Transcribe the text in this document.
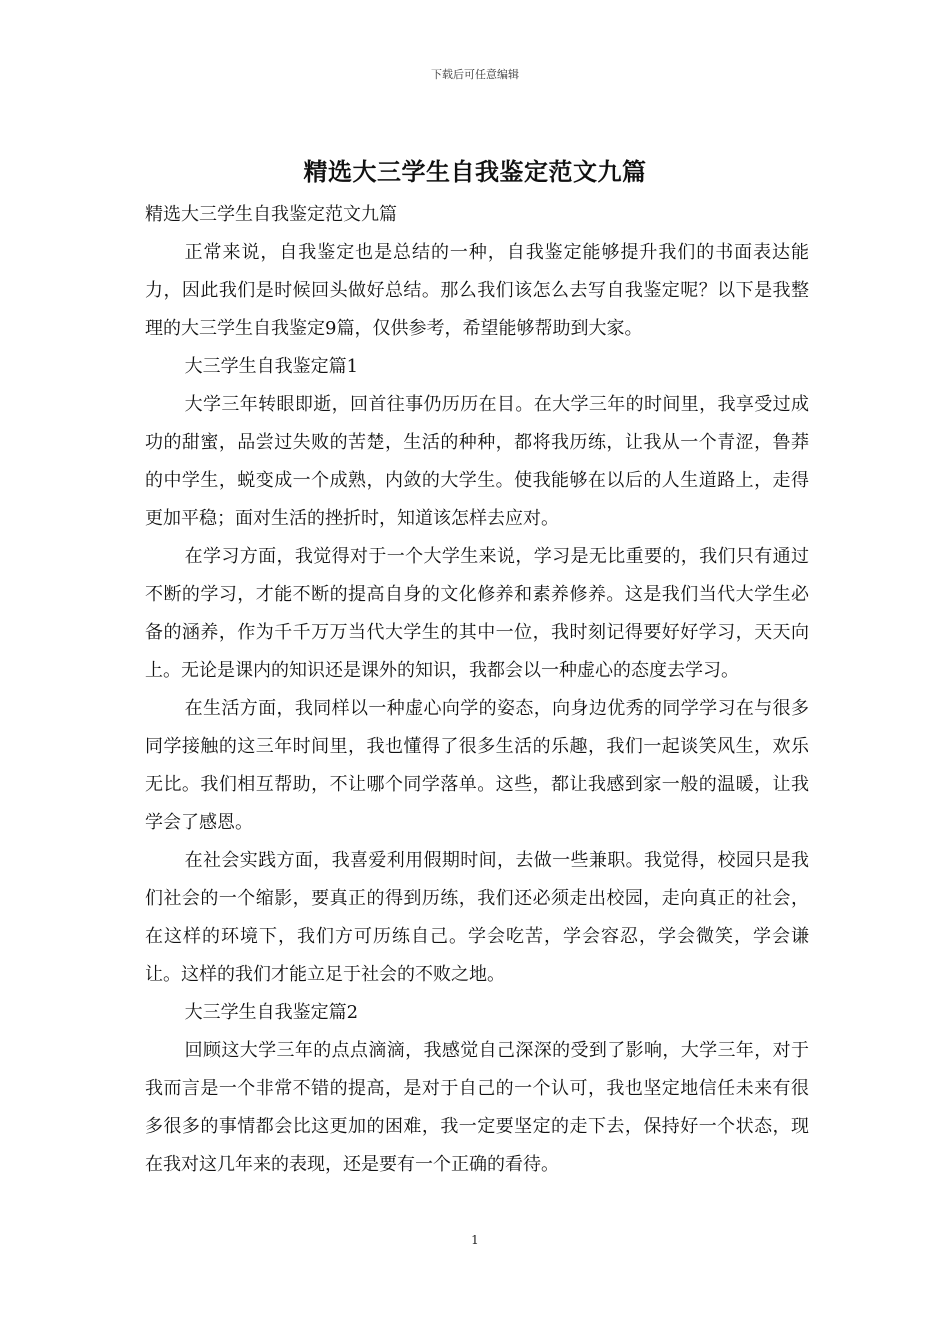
下载后可任意编辑
精选大三学生自我鉴定范文九篇

精选大三学生自我鉴定范文九篇

正常来说，自我鉴定也是总结的一种，自我鉴定能够提升我们的书面表达能力，因此我们是时候回头做好总结。那么我们该怎么去写自我鉴定呢？以下是我整理的大三学生自我鉴定9篇，仅供参考，希望能够帮助到大家。

大三学生自我鉴定篇1

大学三年转眼即逝，回首往事仍历历在目。在大学三年的时间里，我享受过成功的甜蜜，品尝过失败的苦楚，生活的种种，都将我历练，让我从一个青涩，鲁莽的中学生，蜕变成一个成熟，内敛的大学生。使我能够在以后的人生道路上，走得更加平稳；面对生活的挫折时，知道该怎样去应对。

在学习方面，我觉得对于一个大学生来说，学习是无比重要的，我们只有通过不断的学习，才能不断的提高自身的文化修养和素养修养。这是我们当代大学生必备的涵养，作为千千万万当代大学生的其中一位，我时刻记得要好好学习，天天向上。无论是课内的知识还是课外的知识，我都会以一种虚心的态度去学习。

在生活方面，我同样以一种虚心向学的姿态，向身边优秀的同学学习在与很多同学接触的这三年时间里，我也懂得了很多生活的乐趣，我们一起谈笑风生，欢乐无比。我们相互帮助，不让哪个同学落单。这些，都让我感到家一般的温暖，让我学会了感恩。

在社会实践方面，我喜爱利用假期时间，去做一些兼职。我觉得，校园只是我们社会的一个缩影，要真正的得到历练，我们还必须走出校园，走向真正的社会，在这样的环境下，我们方可历练自己。学会吃苦，学会容忍，学会微笑，学会谦让。这样的我们才能立足于社会的不败之地。

大三学生自我鉴定篇2

回顾这大学三年的点点滴滴，我感觉自己深深的受到了影响，大学三年，对于我而言是一个非常不错的提高，是对于自己的一个认可，我也坚定地信任未来有很多很多的事情都会比这更加的困难，我一定要坚定的走下去，保持好一个状态，现在我对这几年来的表现，还是要有一个正确的看待。

1
